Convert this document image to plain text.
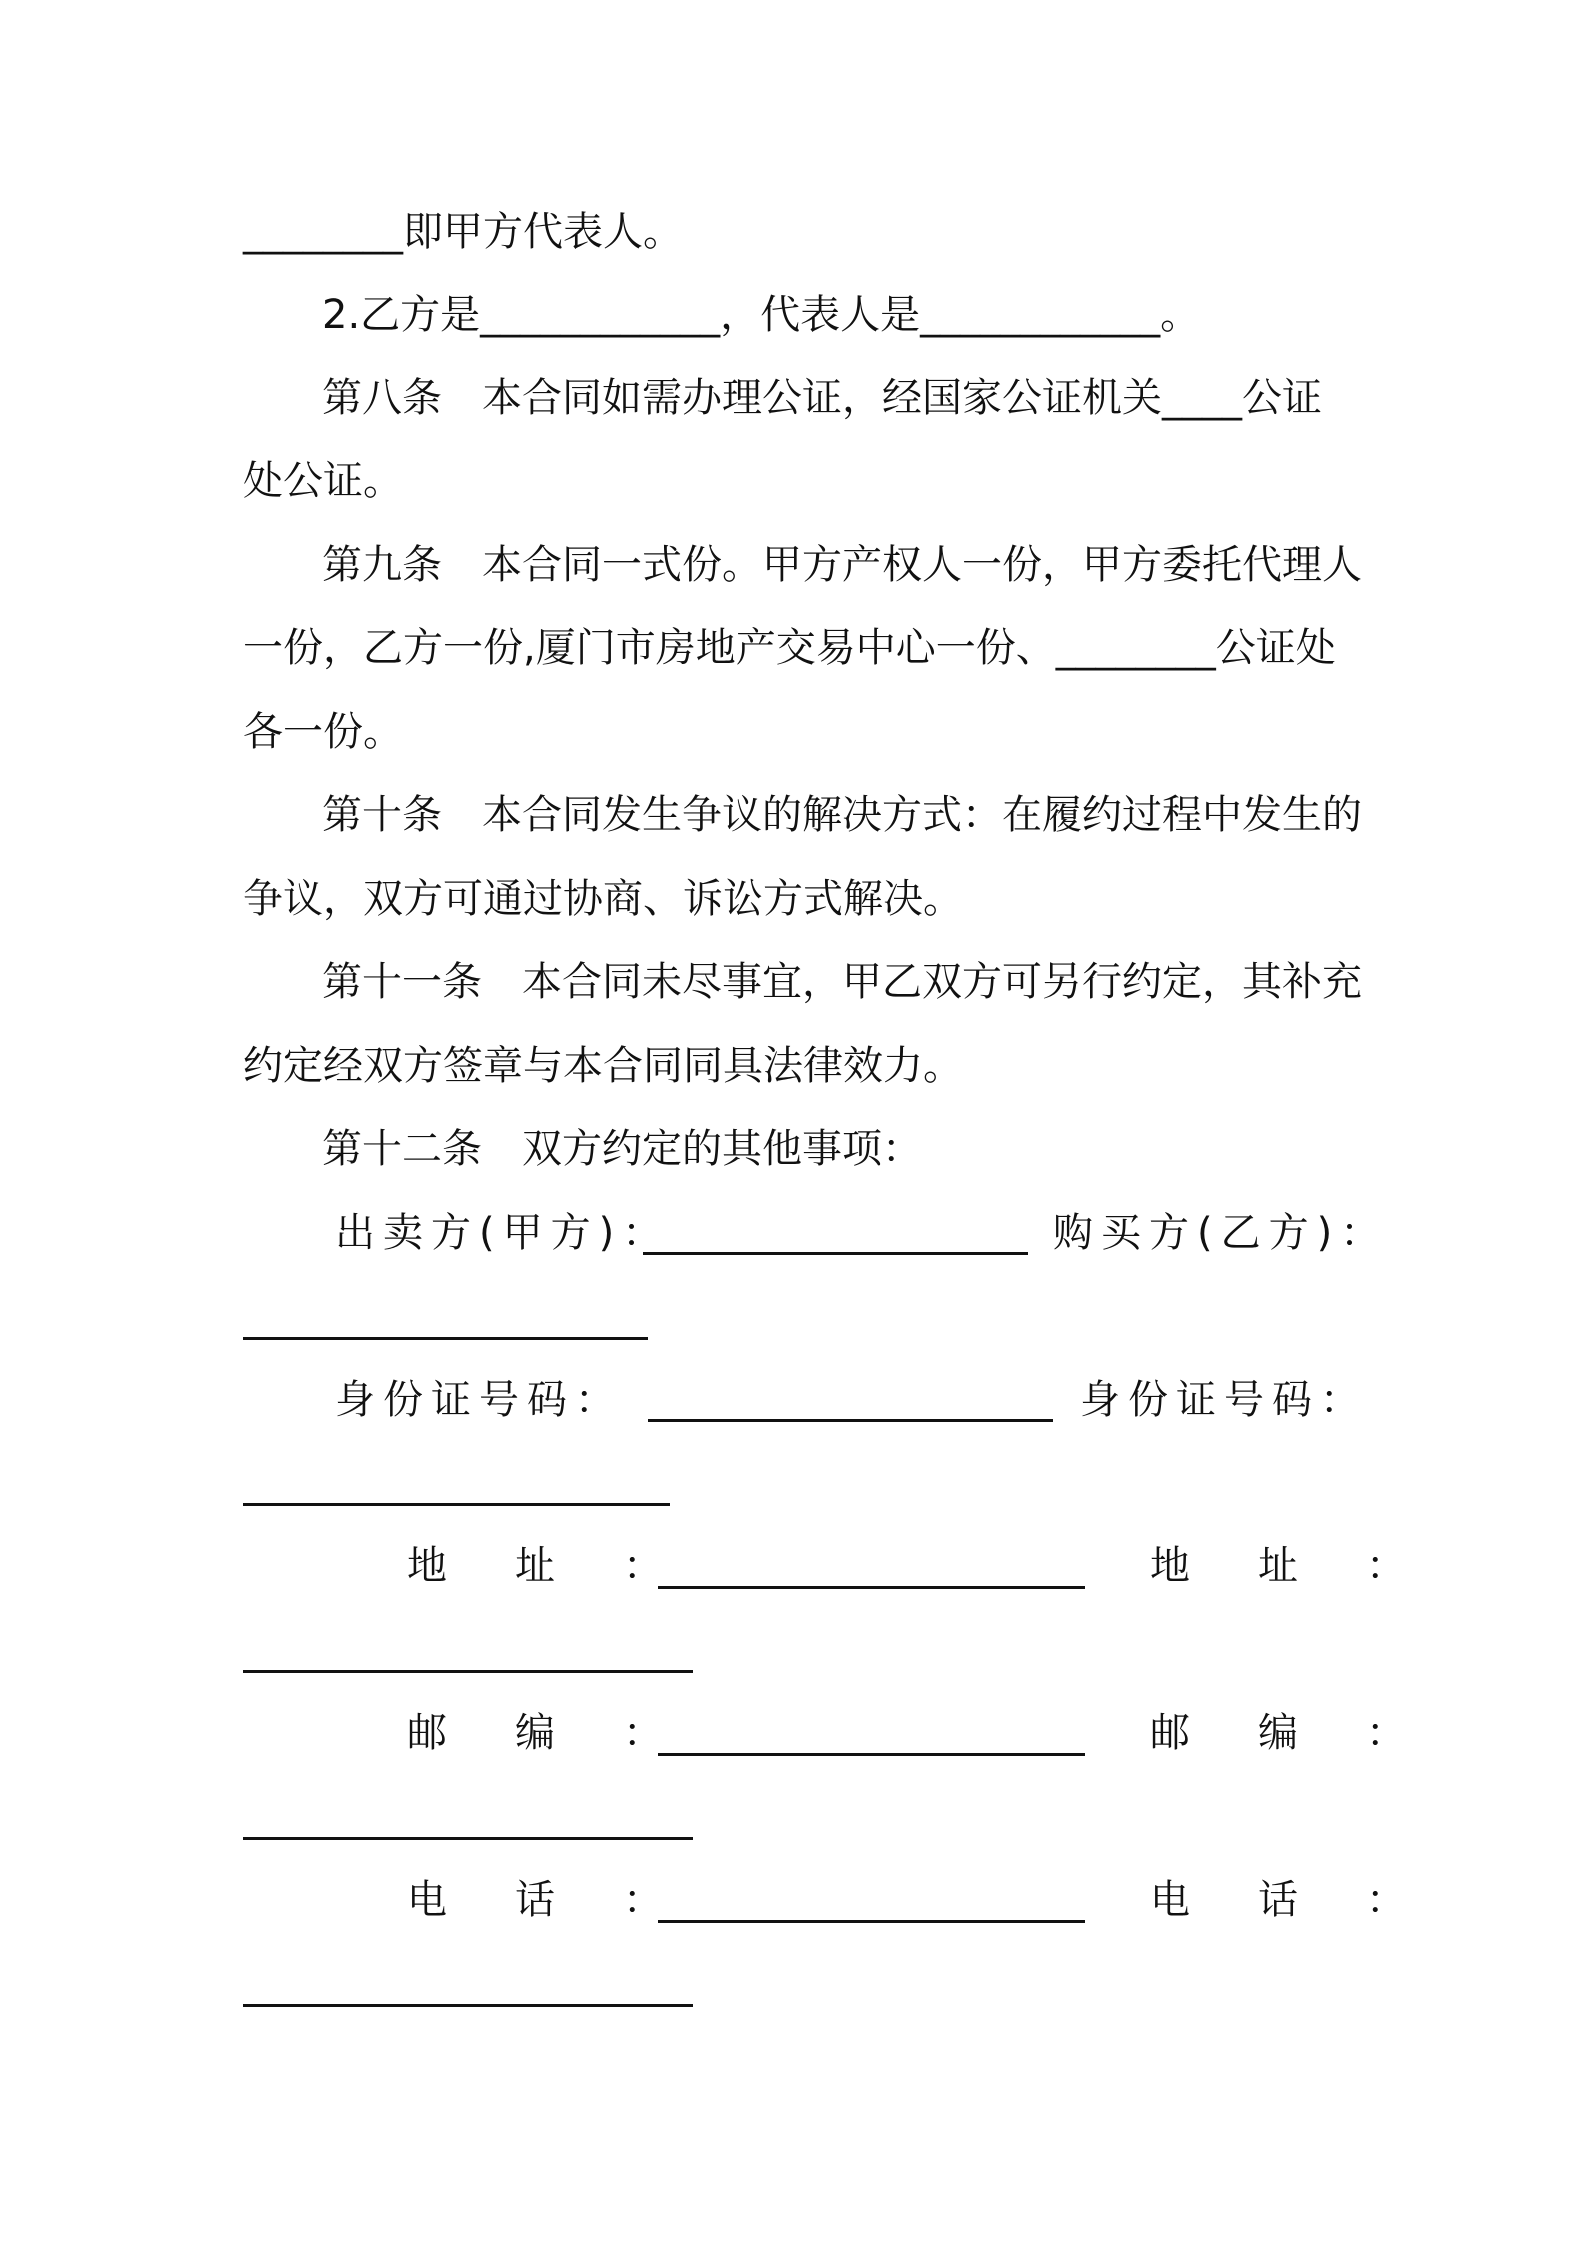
________即甲方代表人。
2.乙方是____________，代表人是____________。
第八条　本合同如需办理公证，经国家公证机关____公证
处公证。
第九条　本合同一式份。甲方产权人一份，甲方委托代理人
一份，乙方一份,厦门市房地产交易中心一份、________公证处
各一份。
第十条　本合同发生争议的解决方式：在履约过程中发生的
争议，双方可通过协商、诉讼方式解决。
第十一条　本合同未尽事宜，甲乙双方可另行约定，其补充
约定经双方签章与本合同同具法律效力。
第十二条　双方约定的其他事项：
出卖方(甲方)：	购买方(乙方)：
身份证号码：	身份证号码：
地　址　：	地　址　：
邮　编　：	邮　编　：
电　话　：	电　话　：
